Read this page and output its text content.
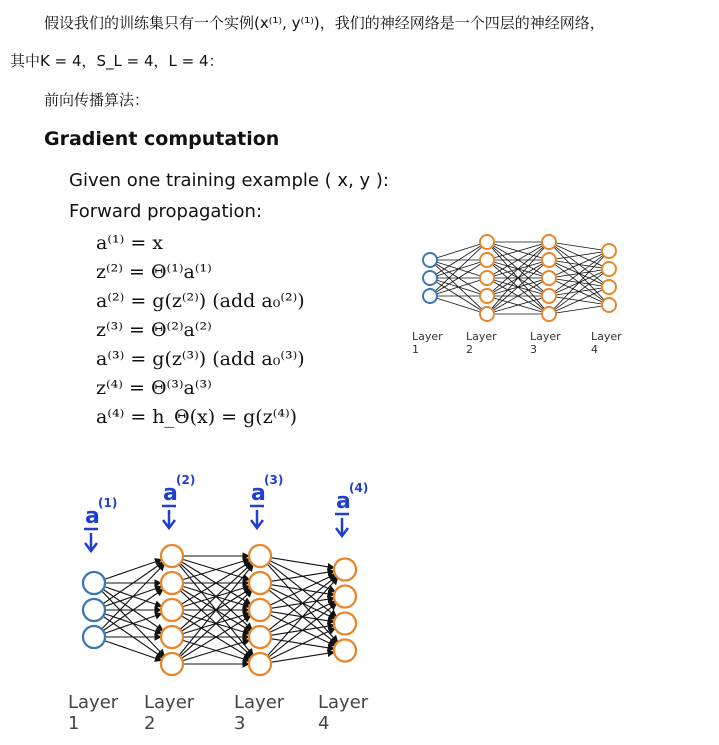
假设我们的训练集只有一个实例(x⁽¹⁾, y⁽¹⁾)，我们的神经网络是一个四层的神经网络，
其中K = 4，S_L = 4，L = 4：
前向传播算法：
Gradient computation
Given one training example ( x, y ):
Forward propagation:
a⁽¹⁾ = x
z⁽²⁾ = Θ⁽¹⁾a⁽¹⁾
a⁽²⁾ = g(z⁽²⁾) (add a₀⁽²⁾)
z⁽³⁾ = Θ⁽²⁾a⁽²⁾
a⁽³⁾ = g(z⁽³⁾) (add a₀⁽³⁾)
z⁽⁴⁾ = Θ⁽³⁾a⁽³⁾
a⁽⁴⁾ = h_Θ(x) = g(z⁽⁴⁾)
Layer
1
Layer
2
Layer
3
Layer
4
a
(1) a
(2)
a
(3)
a
(4)
Layer
1
Layer
2
Layer
3
Layer
4
